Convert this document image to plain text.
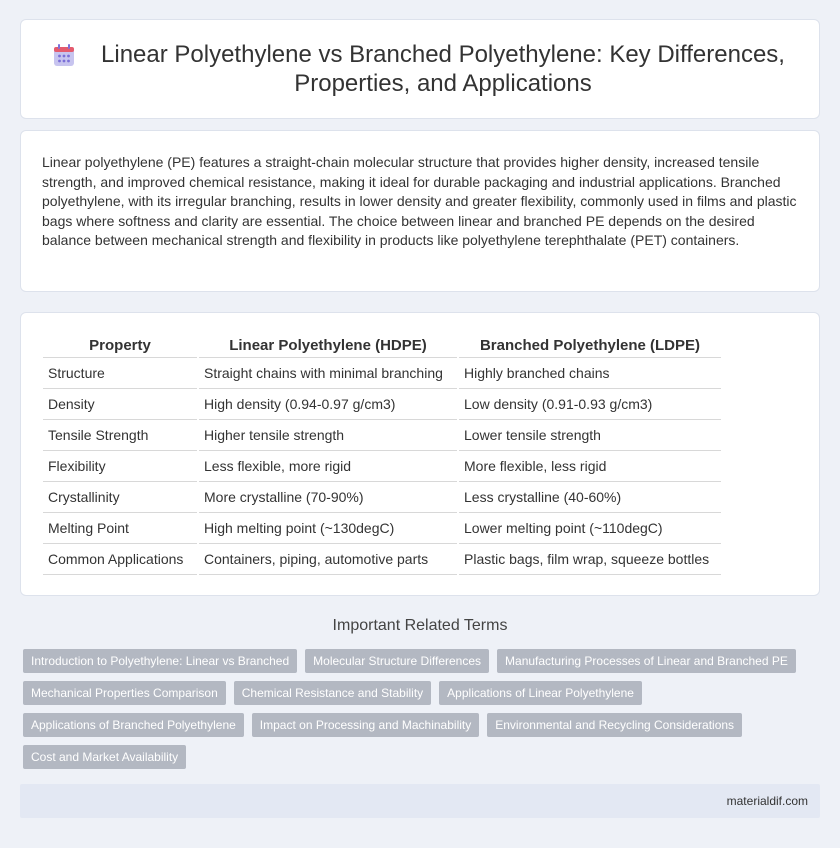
Linear Polyethylene vs Branched Polyethylene: Key Differences, Properties, and Applications

Linear polyethylene (PE) features a straight-chain molecular structure that provides higher density, increased tensile strength, and improved chemical resistance, making it ideal for durable packaging and industrial applications. Branched polyethylene, with its irregular branching, results in lower density and greater flexibility, commonly used in films and plastic bags where softness and clarity are essential. The choice between linear and branched PE depends on the desired balance between mechanical strength and flexibility in products like polyethylene terephthalate (PET) containers.

Property	Linear Polyethylene (HDPE)	Branched Polyethylene (LDPE)
Structure	Straight chains with minimal branching	Highly branched chains
Density	High density (0.94-0.97 g/cm3)	Low density (0.91-0.93 g/cm3)
Tensile Strength	Higher tensile strength	Lower tensile strength
Flexibility	Less flexible, more rigid	More flexible, less rigid
Crystallinity	More crystalline (70-90%)	Less crystalline (40-60%)
Melting Point	High melting point (~130degC)	Lower melting point (~110degC)
Common Applications	Containers, piping, automotive parts	Plastic bags, film wrap, squeeze bottles
Important Related Terms
Introduction to Polyethylene: Linear vs Branched	Molecular Structure Differences	Manufacturing Processes of Linear and Branched PE
Mechanical Properties Comparison	Chemical Resistance and Stability	Applications of Linear Polyethylene
Applications of Branched Polyethylene	Impact on Processing and Machinability	Environmental and Recycling Considerations
Cost and Market Availability
materialdif.com
